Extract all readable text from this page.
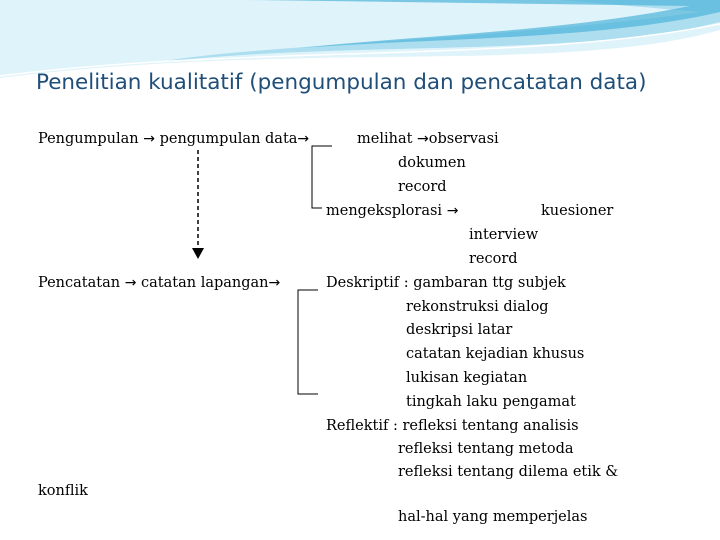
Penelitian kualitatif (pengumpulan dan pencatatan data)
Pengumpulan → pengumpulan data→	melihat →observasi
dokumen
record
mengeksplorasi →	kuesioner
interview
record
Pencatatan → catatan lapangan→	Deskriptif : gambaran ttg subjek
rekonstruksi dialog
deskripsi latar
catatan kejadian khusus
lukisan kegiatan
tingkah laku pengamat
Reflektif : refleksi tentang analisis
refleksi tentang metoda
refleksi tentang dilema etik &
konflik
hal-hal yang memperjelas
